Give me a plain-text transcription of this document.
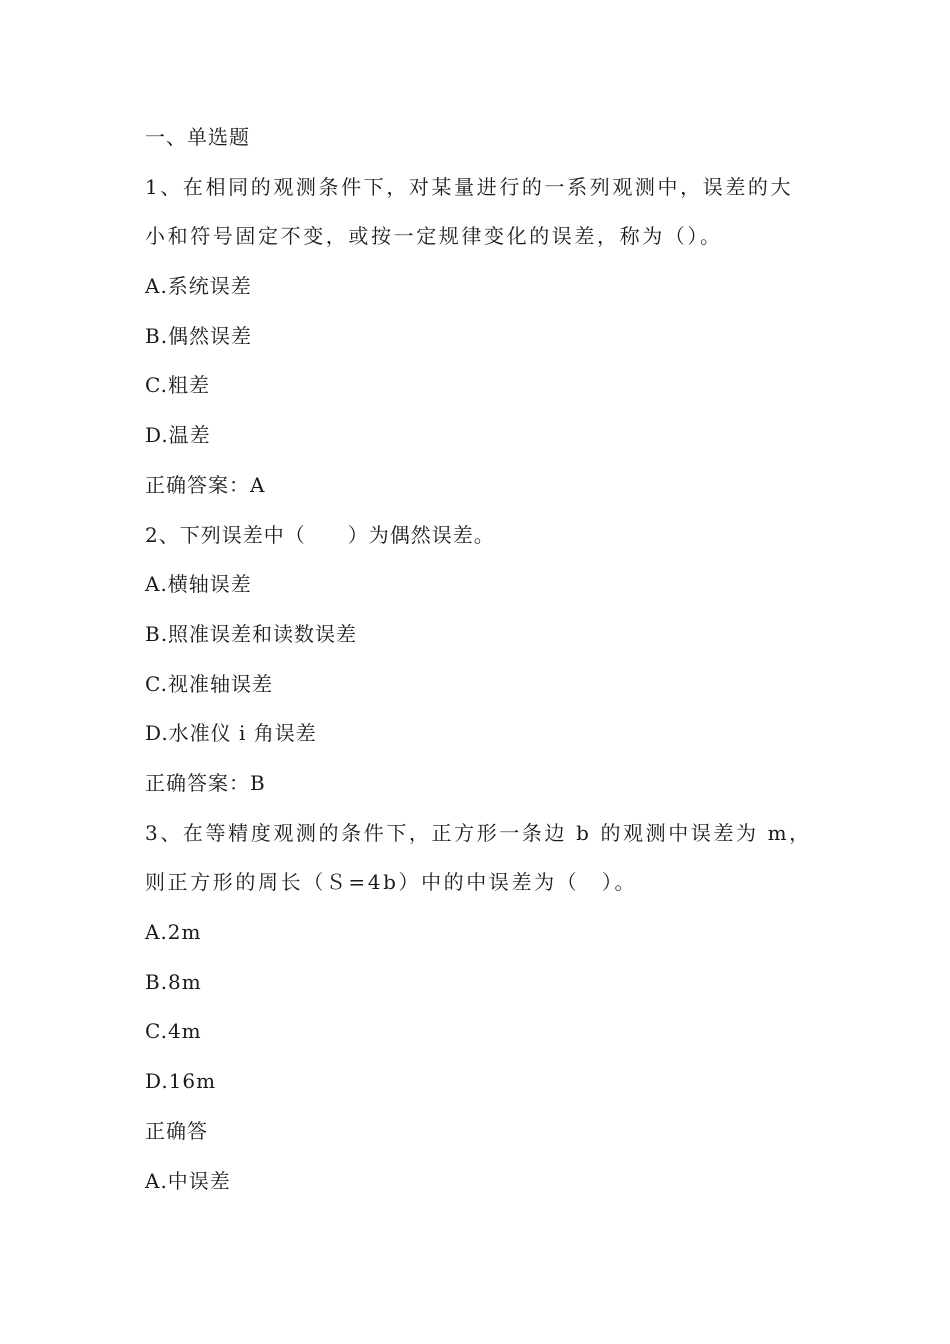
一、单选题
1、在相同的观测条件下，对某量进行的一系列观测中，误差的大小和符号固定不变，或按一定规律变化的误差，称为（）。
A.系统误差
B.偶然误差
C.粗差
D.温差
正确答案：A
2、下列误差中（　　）为偶然误差。
A.横轴误差
B.照准误差和读数误差
C.视准轴误差
D.水准仪 i 角误差
正确答案：B
3、在等精度观测的条件下，正方形一条边 b 的观测中误差为 m，则正方形的周长（Ｓ=4b）中的中误差为（　）。
A.2m
B.8m
C.4m
D.16m
正确答
A.中误差
